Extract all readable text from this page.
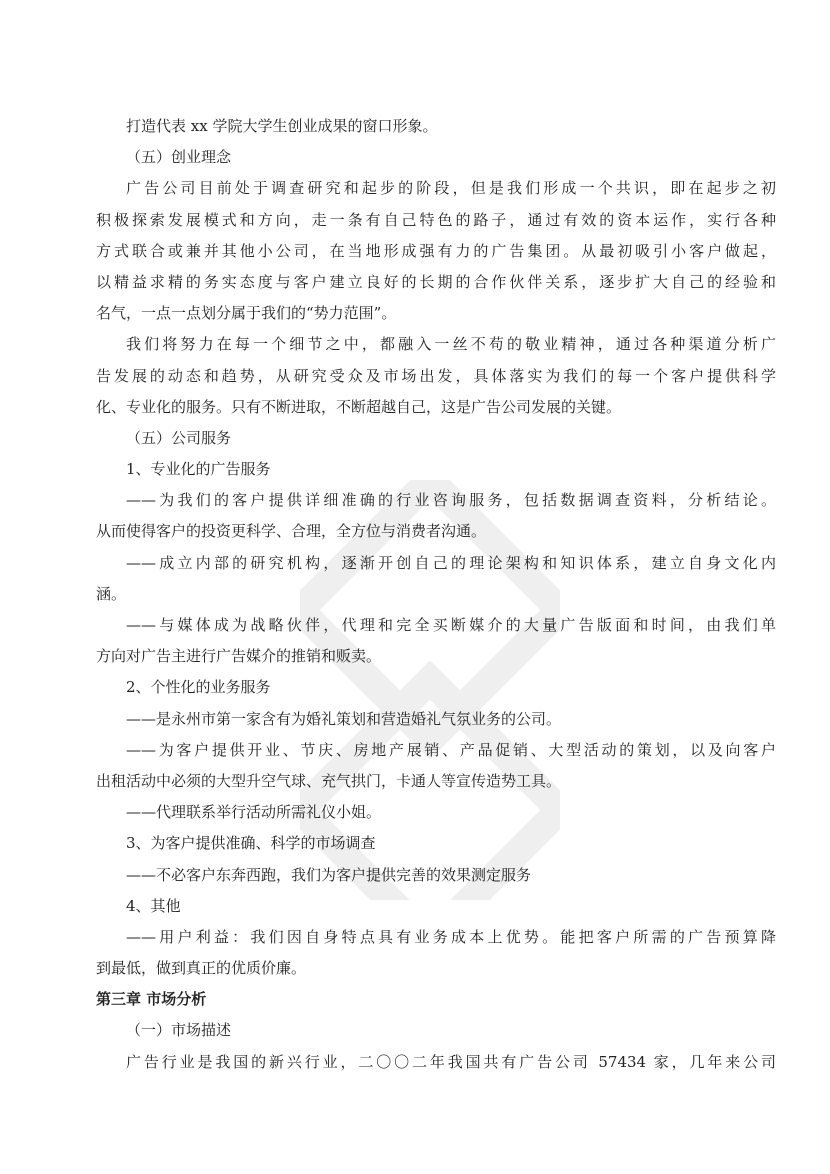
打造代表 xx 学院大学生创业成果的窗口形象。
（五）创业理念
广告公司目前处于调查研究和起步的阶段，但是我们形成一个共识，即在起步之初
积极探索发展模式和方向，走一条有自己特色的路子，通过有效的资本运作，实行各种
方式联合或兼并其他小公司，在当地形成强有力的广告集团。从最初吸引小客户做起，
以精益求精的务实态度与客户建立良好的长期的合作伙伴关系，逐步扩大自己的经验和
名气，一点一点划分属于我们的“势力范围”。
我们将努力在每一个细节之中，都融入一丝不苟的敬业精神，通过各种渠道分析广
告发展的动态和趋势，从研究受众及市场出发，具体落实为我们的每一个客户提供科学
化、专业化的服务。只有不断进取，不断超越自己，这是广告公司发展的关键。
（五）公司服务
1、专业化的广告服务
——为我们的客户提供详细准确的行业咨询服务，包括数据调查资料，分析结论。
从而使得客户的投资更科学、合理，全方位与消费者沟通。
——成立内部的研究机构，逐渐开创自己的理论架构和知识体系，建立自身文化内
涵。
——与媒体成为战略伙伴，代理和完全买断媒介的大量广告版面和时间，由我们单
方向对广告主进行广告媒介的推销和贩卖。
2、个性化的业务服务
——是永州市第一家含有为婚礼策划和营造婚礼气氛业务的公司。
——为客户提供开业、节庆、房地产展销、产品促销、大型活动的策划，以及向客户
出租活动中必须的大型升空气球、充气拱门，卡通人等宣传造势工具。
——代理联系举行活动所需礼仪小姐。
3、为客户提供准确、科学的市场调查
——不必客户东奔西跑，我们为客户提供完善的效果测定服务
4、其他
——用户利益：我们因自身特点具有业务成本上优势。能把客户所需的广告预算降
到最低，做到真正的优质价廉。
第三章 市场分析
（一）市场描述
广告行业是我国的新兴行业，二〇〇二年我国共有广告公司 57434 家，几年来公司
